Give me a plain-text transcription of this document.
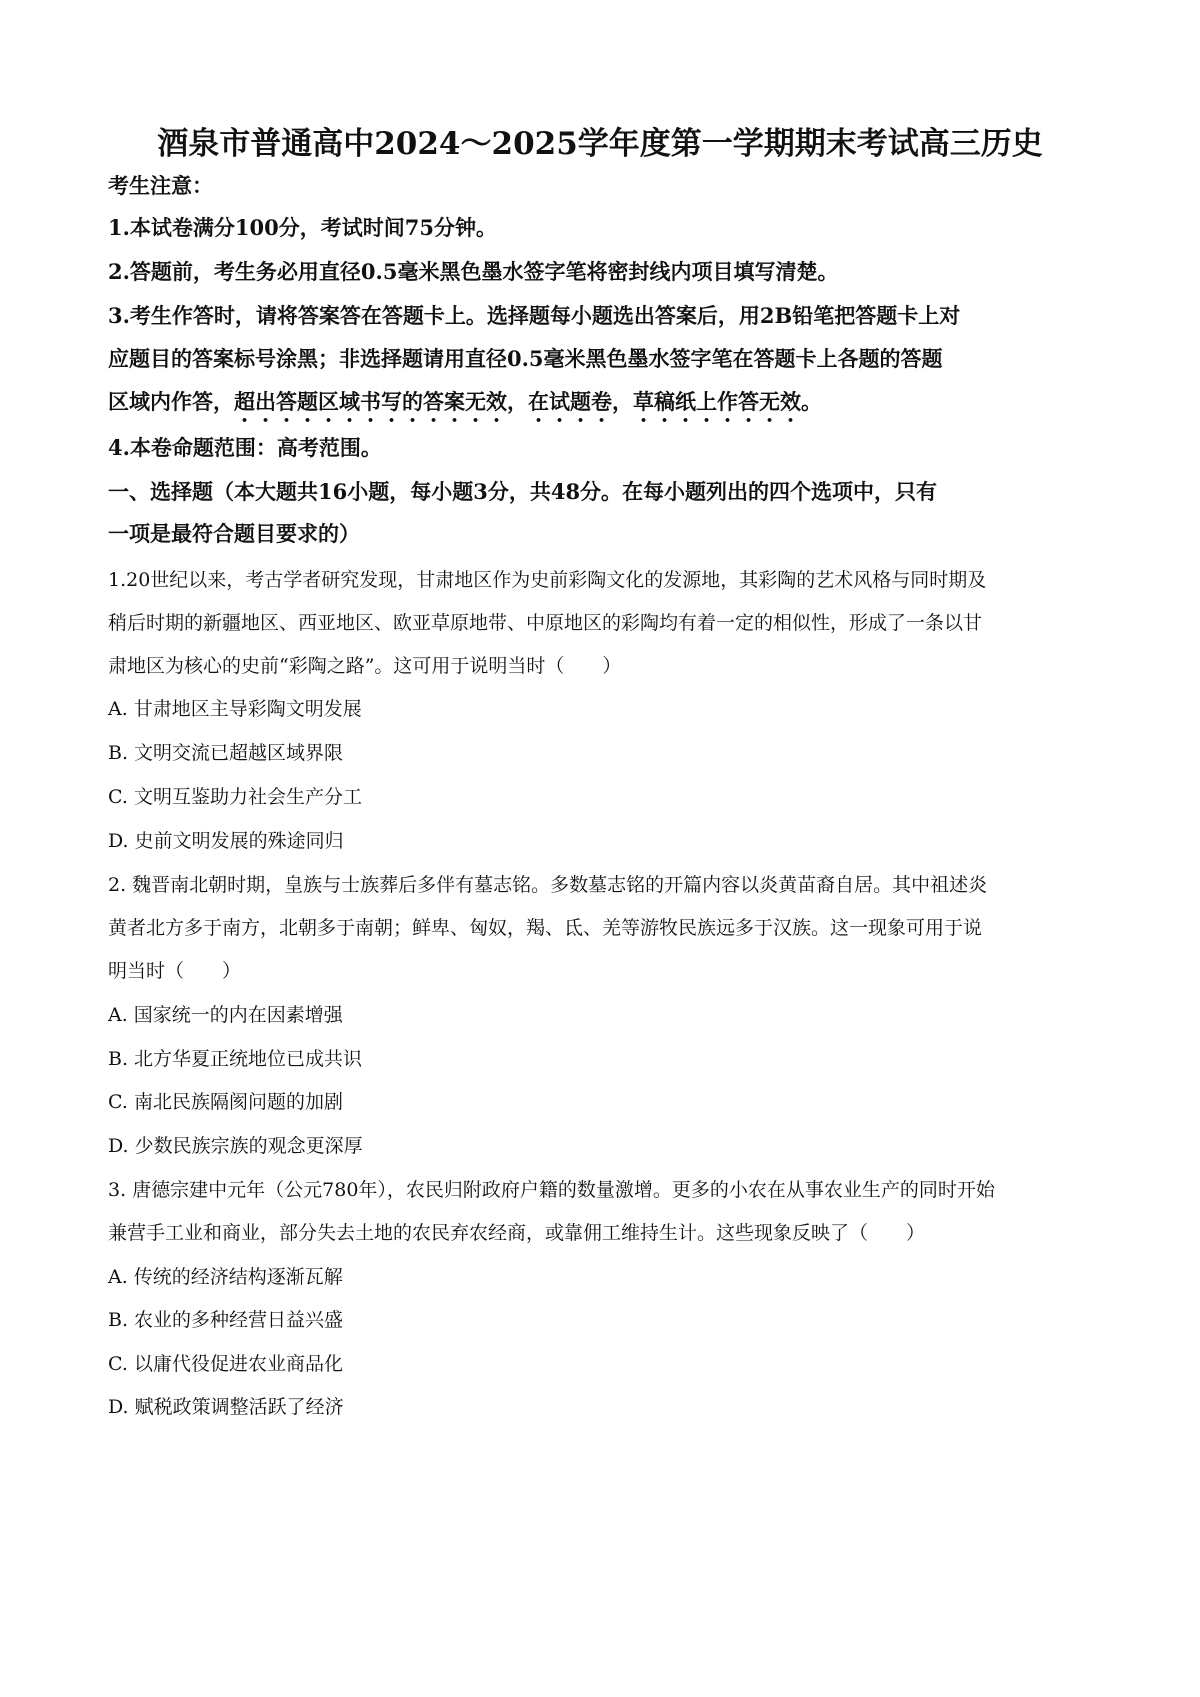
酒泉市普通高中2024～2025学年度第一学期期末考试高三历史
考生注意：
1.本试卷满分100分，考试时间75分钟。
2.答题前，考生务必用直径0.5毫米黑色墨水签字笔将密封线内项目填写清楚。
3.考生作答时，请将答案答在答题卡上。选择题每小题选出答案后，用2B铅笔把答题卡上对
应题目的答案标号涂黑；非选择题请用直径0.5毫米黑色墨水签字笔在答题卡上各题的答题
区域内作答，超出答题区域书写的答案无效，在试题卷，草稿纸上作答无效。
4.本卷命题范围：高考范围。
一、选择题（本大题共16小题，每小题3分，共48分。在每小题列出的四个选项中，只有
一项是最符合题目要求的）
1.20世纪以来，考古学者研究发现，甘肃地区作为史前彩陶文化的发源地，其彩陶的艺术风格与同时期及
稍后时期的新疆地区、西亚地区、欧亚草原地带、中原地区的彩陶均有着一定的相似性，形成了一条以甘
肃地区为核心的史前“彩陶之路”。这可用于说明当时（　　）
A. 甘肃地区主导彩陶文明发展
B. 文明交流已超越区域界限
C. 文明互鉴助力社会生产分工
D. 史前文明发展的殊途同归
2. 魏晋南北朝时期，皇族与士族葬后多伴有墓志铭。多数墓志铭的开篇内容以炎黄苗裔自居。其中祖述炎
黄者北方多于南方，北朝多于南朝；鲜卑、匈奴，羯、氐、羌等游牧民族远多于汉族。这一现象可用于说
明当时（　　）
A. 国家统一的内在因素增强
B. 北方华夏正统地位已成共识
C. 南北民族隔阂问题的加剧
D. 少数民族宗族的观念更深厚
3. 唐德宗建中元年（公元780年），农民归附政府户籍的数量激增。更多的小农在从事农业生产的同时开始
兼营手工业和商业，部分失去土地的农民弃农经商，或靠佣工维持生计。这些现象反映了（　　）
A. 传统的经济结构逐渐瓦解
B. 农业的多种经营日益兴盛
C. 以庸代役促进农业商品化
D. 赋税政策调整活跃了经济
